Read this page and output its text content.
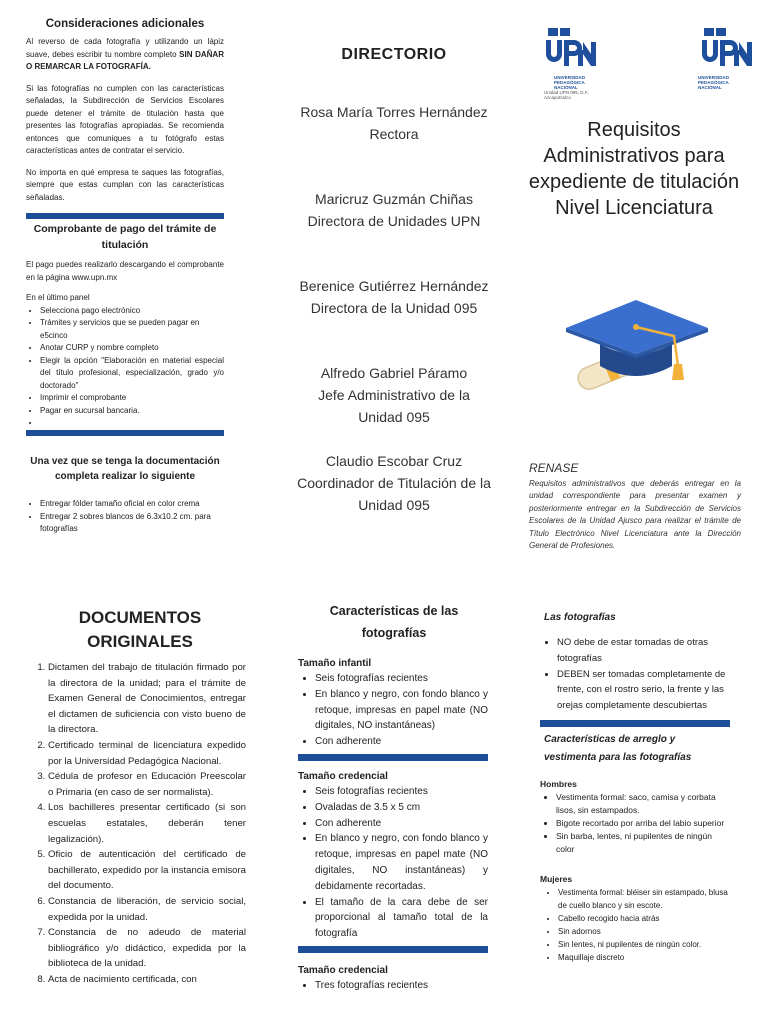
Consideraciones adicionales

Al reverso de cada fotografía y utilizando un lápiz suave, debes escribir tu nombre completo SIN DAÑAR O REMARCAR LA FOTOGRAFÍA.

Si las fotografías no cumplen con las características señaladas, la Subdirección de Servicios Escolares puede detener el trámite de titulación hasta que presentes las fotografías apropiadas. Se recomienda entonces que comuniques a tu fotógrafo estas características antes de contratar el servicio.

No importa en qué empresa te saques las fotografías, siempre que estas cumplan con las características señaladas.

Comprobante de pago del trámite de titulación

El pago puedes realizarlo descargando el comprobante en la página www.upn.mx

En el último panel

• Selecciona pago electrónico
• Trámites y servicios que se pueden pagar en e5cinco
• Anotar CURP y nombre completo
• Elegir la opción "Elaboración en material especial del título profesional, especialización, grado y/o doctorado"
• Imprimir el comprobante
• Pagar en sucursal bancaria.
•
Una vez que se tenga la documentación completa realizar lo siguiente
• Entregar fólder tamaño oficial en color crema
• Entregar 2 sobres blancos de 6.3x10.2 cm. para fotografías
DIRECTORIO
Rosa María Torres Hernández
Rectora
Maricruz Guzmán Chiñas
Directora de Unidades UPN
Berenice Gutiérrez Hernández
Directora de la Unidad 095
Alfredo Gabriel Páramo
Jefe Administrativo de la Unidad 095
Claudio Escobar Cruz
Coordinador de Titulación de la Unidad 095
UNIVERSIDAD PEDAGÓGICA NACIONAL
Unidad UPN 095, D.F., Azcapotzalco
UNIVERSIDAD PEDAGÓGICA NACIONAL
Requisitos Administrativos para expediente de titulación Nivel Licenciatura
RENASE
Requisitos administrativos que deberás entregar en la unidad correspondiente para presentar examen y posteriormente entregar en la Subdirección de Servicios Escolares de la Unidad Ajusco para realizar el trámite de Título Electrónico Nivel Licenciatura ante la Dirección General de Profesiones.
DOCUMENTOS ORIGINALES
1. Dictamen del trabajo de titulación firmado por la directora de la unidad; para el trámite de Examen General de Conocimientos, entregar el dictamen de suficiencia con visto bueno de la directora.
2. Certificado terminal de licenciatura expedido por la Universidad Pedagógica Nacional.
3. Cédula de profesor en Educación Preescolar o Primaria (en caso de ser normalista).
4. Los bachilleres presentar certificado (si son escuelas estatales, deberán tener legalización).
5. Oficio de autenticación del certificado de bachillerato, expedido por la instancia emisora del documento.
6. Constancia de liberación, de servicio social, expedida por la unidad.
7. Constancia de no adeudo de material bibliográfico y/o didáctico, expedida por la biblioteca de la unidad.
8. Acta de nacimiento certificada, con
Características de las fotografías
Tamaño infantil
• Seis fotografías recientes
• En blanco y negro, con fondo blanco y retoque, impresas en papel mate (NO digitales, NO instantáneas)
• Con adherente
Tamaño credencial
• Seis fotografías recientes
• Ovaladas de 3.5 x 5 cm
• Con adherente
• En blanco y negro, con fondo blanco y retoque, impresas en papel mate (NO digitales, NO instantáneas) y debidamente recortadas.
• El tamaño de la cara debe de ser proporcional al tamaño total de la fotografía
Tamaño credencial
• Tres fotografías recientes
Las fotografías
• NO debe de estar tomadas de otras fotografías
• DEBEN ser tomadas completamente de frente, con el rostro serio, la frente y las orejas completamente descubiertas
Características de arreglo y vestimenta para las fotografías
Hombres
• Vestimenta formal: saco, camisa y corbata lisos, sin estampados.
• Bigote recortado por arriba del labio superior
• Sin barba, lentes, ni pupilentes de ningún color
Mujeres
• Vestimenta formal: bléiser sin estampado, blusa de cuello blanco y sin escote.
• Cabello recogido hacia atrás
• Sin adornos
• Sin lentes, ni pupilentes de ningún color.
• Maquillaje discreto
